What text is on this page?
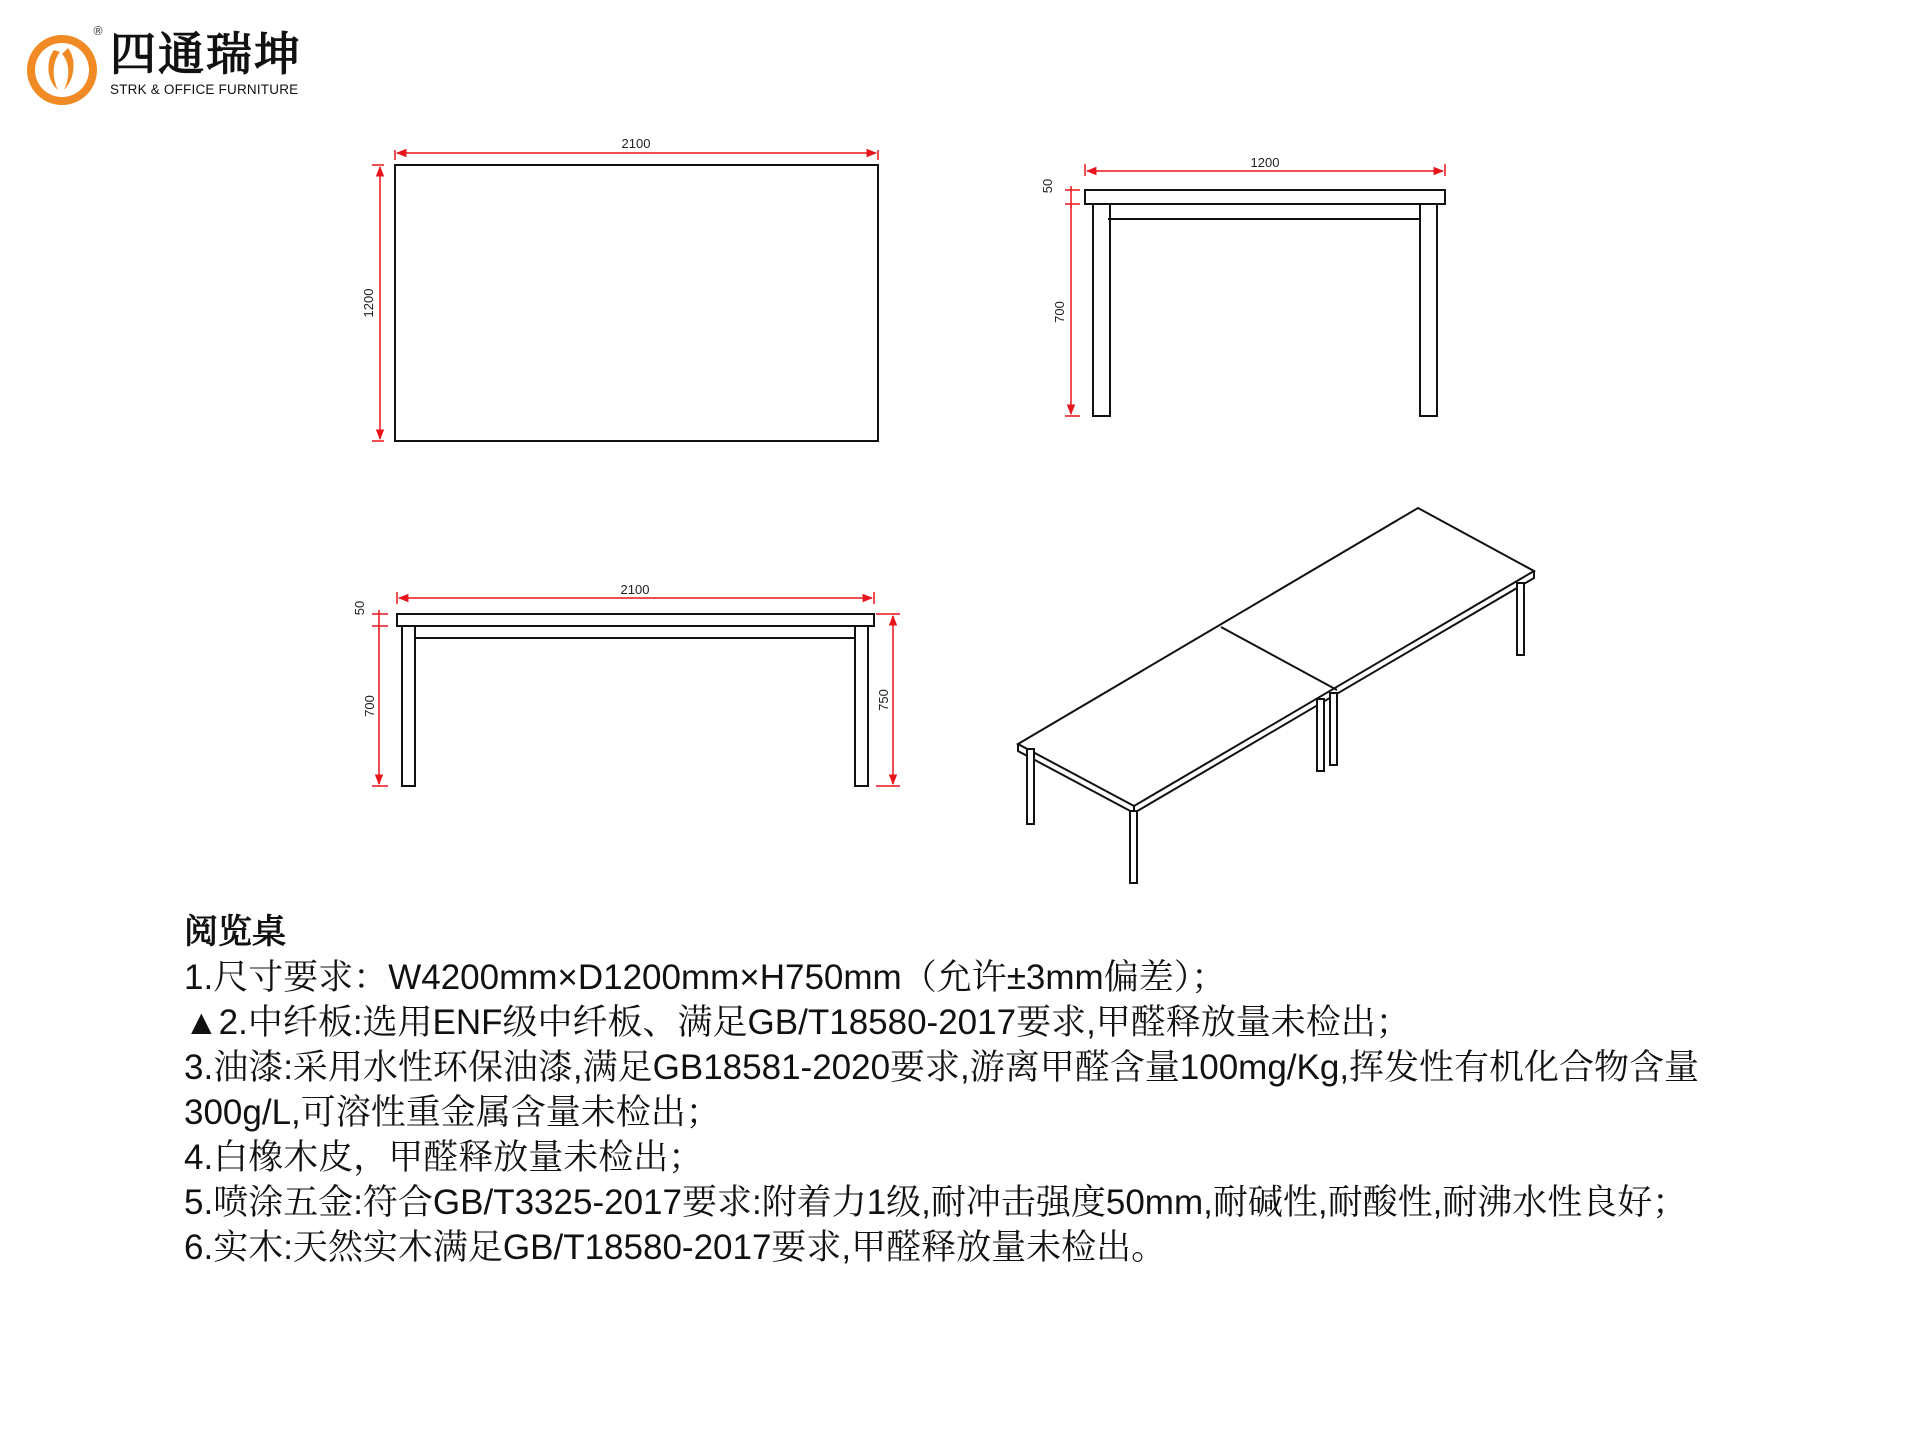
® 四通瑞坤
STRK & OFFICE FURNITURE
2100
1200
1200
50
700
2100
50
700	750
阅览桌
1.尺寸要求：W4200mm×D1200mm×H750mm（允许±3mm偏差）；
▲2.中纤板:选用ENF级中纤板、满足GB/T18580-2017要求,甲醛释放量未检出；
3.油漆:采用水性环保油漆,满足GB18581-2020要求,游离甲醛含量100mg/Kg,挥发性有机化合物含量
300g/L,可溶性重金属含量未检出；
4.白橡木皮，甲醛释放量未检出；
5.喷涂五金:符合GB/T3325-2017要求:附着力1级,耐冲击强度50mm,耐碱性,耐酸性,耐沸水性良好；
6.实木:天然实木满足GB/T18580-2017要求,甲醛释放量未检出。
